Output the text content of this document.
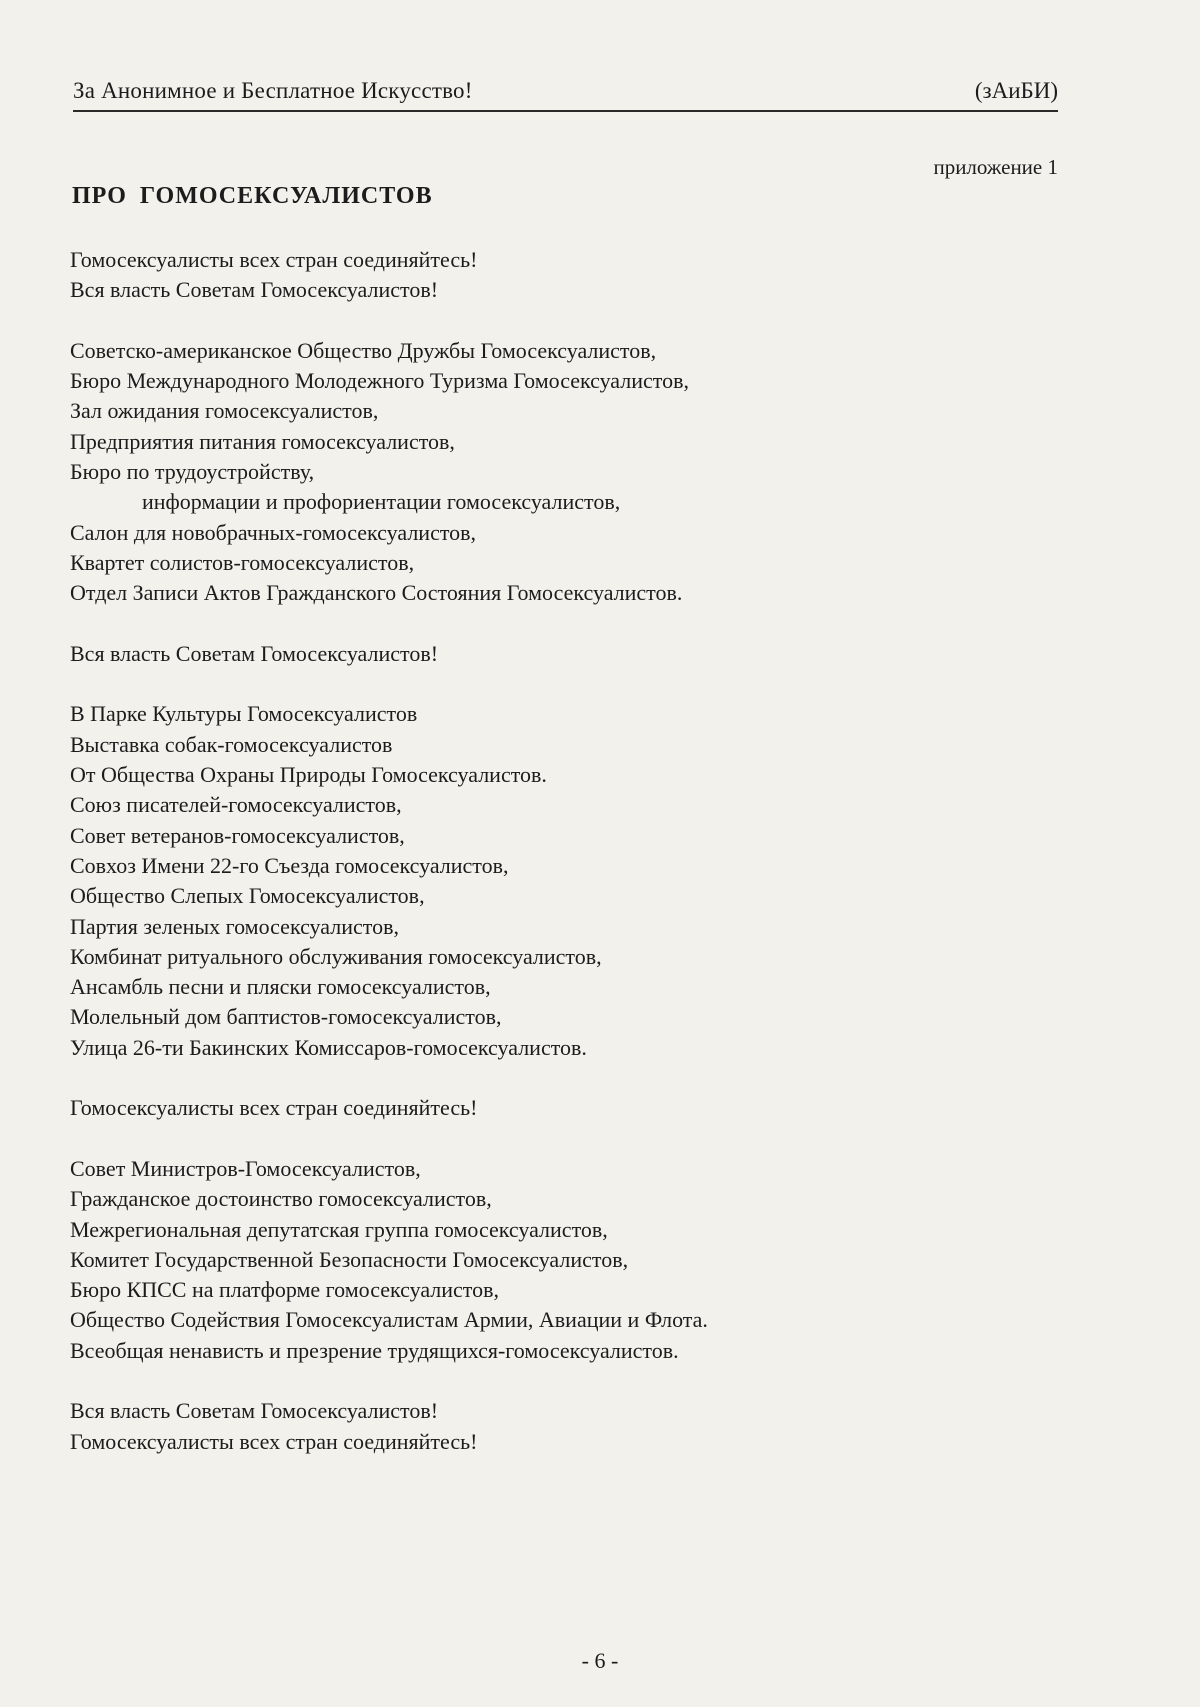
За Анонимное и Бесплатное Искусство!	(зАиБИ)
приложение 1
ПРО ГОМОСЕКСУАЛИСТОВ
Гомосексуалисты всех стран соединяйтесь!
Вся власть Советам Гомосексуалистов!
Советско-американское Общество Дружбы Гомосексуалистов,
Бюро Международного Молодежного Туризма Гомосексуалистов,
Зал ожидания гомосексуалистов,
Предприятия питания гомосексуалистов,
Бюро по трудоустройству,
информации и профориентации гомосексуалистов,
Салон для новобрачных-гомосексуалистов,
Квартет солистов-гомосексуалистов,
Отдел Записи Актов Гражданского Состояния Гомосексуалистов.
Вся власть Советам Гомосексуалистов!
В Парке Культуры Гомосексуалистов
Выставка собак-гомосексуалистов
От Общества Охраны Природы Гомосексуалистов.
Союз писателей-гомосексуалистов,
Совет ветеранов-гомосексуалистов,
Совхоз Имени 22-го Съезда гомосексуалистов,
Общество Слепых Гомосексуалистов,
Партия зеленых гомосексуалистов,
Комбинат ритуального обслуживания гомосексуалистов,
Ансамбль песни и пляски гомосексуалистов,
Молельный дом баптистов-гомосексуалистов,
Улица 26-ти Бакинских Комиссаров-гомосексуалистов.
Гомосексуалисты всех стран соединяйтесь!
Совет Министров-Гомосексуалистов,
Гражданское достоинство гомосексуалистов,
Межрегиональная депутатская группа гомосексуалистов,
Комитет Государственной Безопасности Гомосексуалистов,
Бюро КПСС на платформе гомосексуалистов,
Общество Содействия Гомосексуалистам Армии, Авиации и Флота.
Всеобщая ненависть и презрение трудящихся-гомосексуалистов.
Вся власть Советам Гомосексуалистов!
Гомосексуалисты всех стран соединяйтесь!
- 6 -
